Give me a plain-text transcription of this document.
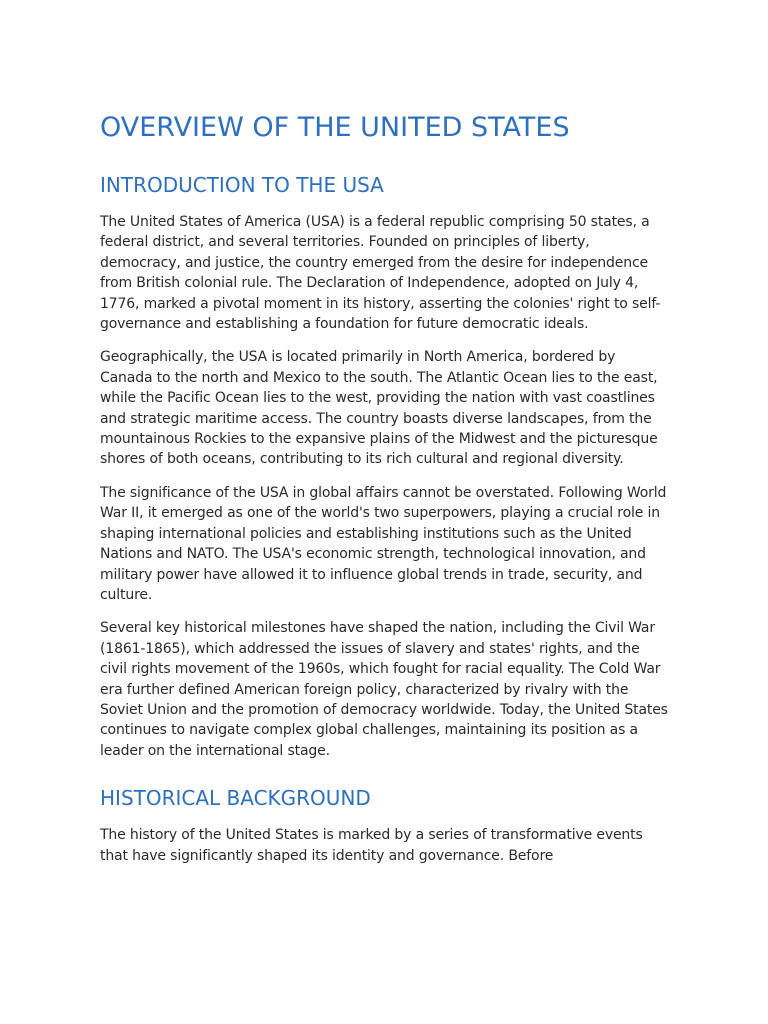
OVERVIEW OF THE UNITED STATES
INTRODUCTION TO THE USA

The United States of America (USA) is a federal republic comprising 50 states, a federal district, and several territories. Founded on principles of liberty, democracy, and justice, the country emerged from the desire for independence from British colonial rule. The Declaration of Independence, adopted on July 4, 1776, marked a pivotal moment in its history, asserting the colonies' right to self-governance and establishing a foundation for future democratic ideals.

Geographically, the USA is located primarily in North America, bordered by Canada to the north and Mexico to the south. The Atlantic Ocean lies to the east, while the Pacific Ocean lies to the west, providing the nation with vast coastlines and strategic maritime access. The country boasts diverse landscapes, from the mountainous Rockies to the expansive plains of the Midwest and the picturesque shores of both oceans, contributing to its rich cultural and regional diversity.

The significance of the USA in global affairs cannot be overstated. Following World War II, it emerged as one of the world's two superpowers, playing a crucial role in shaping international policies and establishing institutions such as the United Nations and NATO. The USA's economic strength, technological innovation, and military power have allowed it to influence global trends in trade, security, and culture.

Several key historical milestones have shaped the nation, including the Civil War (1861-1865), which addressed the issues of slavery and states' rights, and the civil rights movement of the 1960s, which fought for racial equality. The Cold War era further defined American foreign policy, characterized by rivalry with the Soviet Union and the promotion of democracy worldwide. Today, the United States continues to navigate complex global challenges, maintaining its position as a leader on the international stage.

HISTORICAL BACKGROUND

The history of the United States is marked by a series of transformative events that have significantly shaped its identity and governance. Before
